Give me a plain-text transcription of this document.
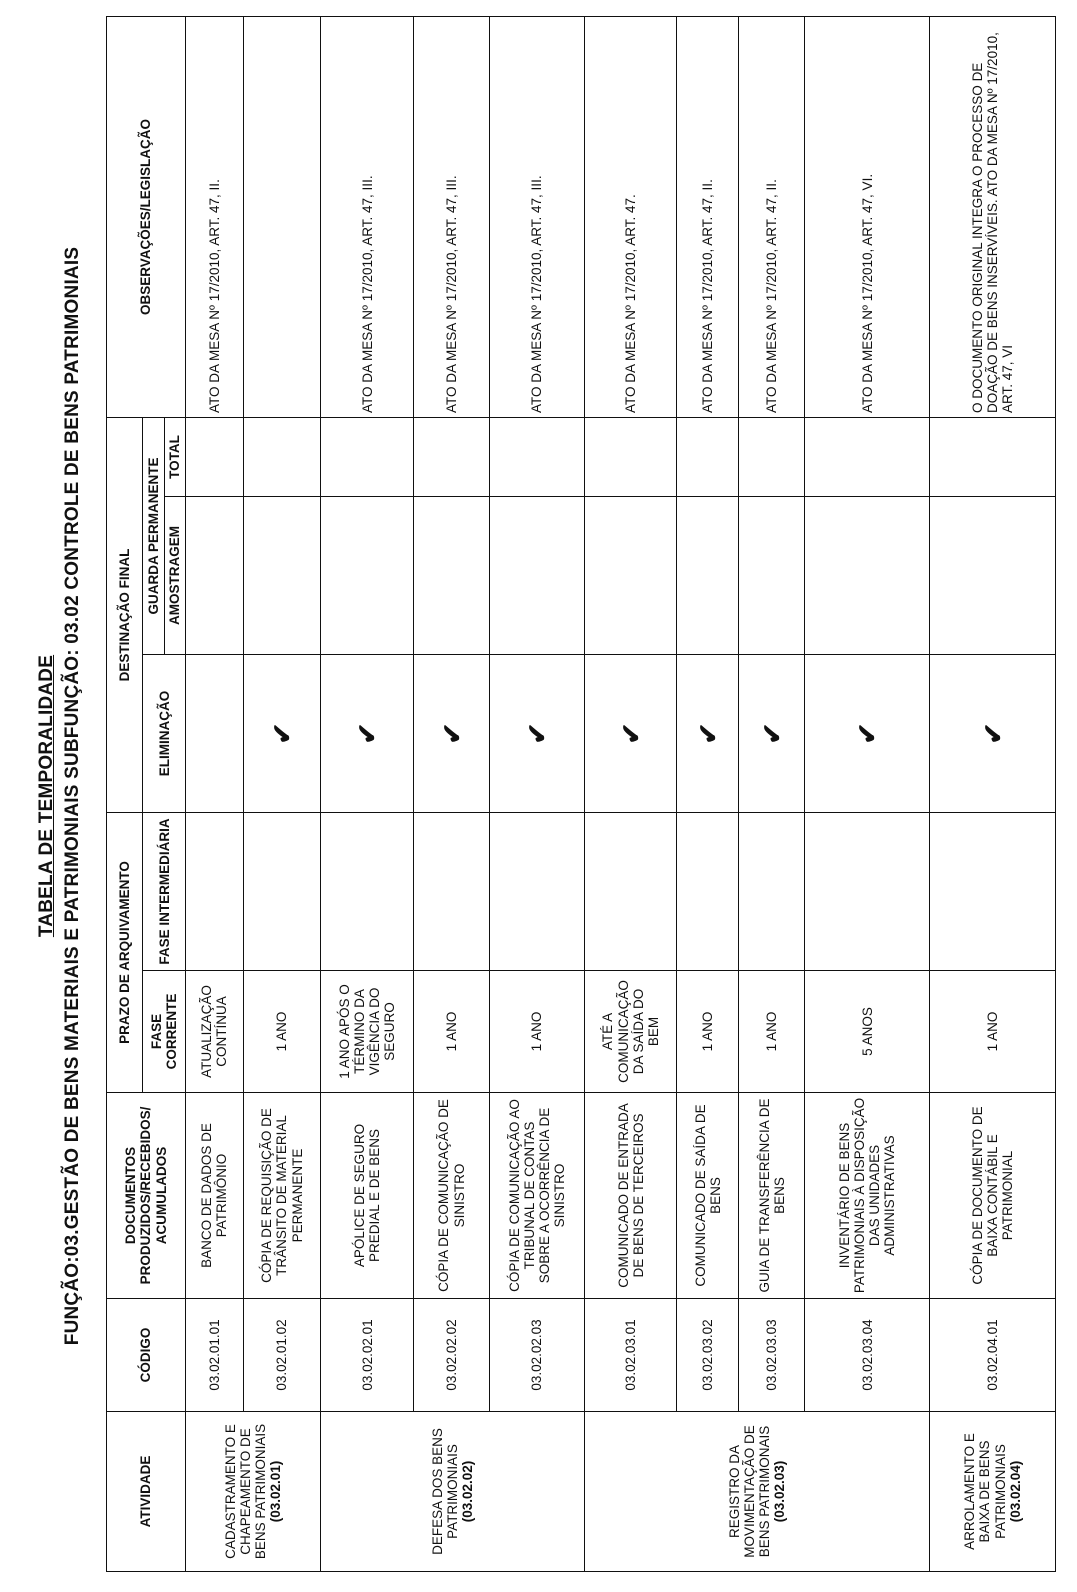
TABELA DE TEMPORALIDADE FUNÇÃO:03.GESTÃO DE BENS MATERIAIS E PATRIMONIAIS SUBFUNÇÃO: 03.02 CONTROLE DE BENS PATRIMONIAIS
ATIVIDADE	CÓDIGO	DOCUMENTOS PRODUZIDOS/RECEBIDOS/ ACUMULADOS	PRAZO DE ARQUIVAMENTO		DESTINAÇÃO FINAL			OBSERVAÇÕES/LEGISLAÇÃO
			FASE CORRENTE	FASE INTERMEDIÁRIA	ELIMINAÇÃO	GUARDA PERMANENTE		
						AMOSTRAGEM	TOTAL	
CADASTRAMENTO E CHAPEAMENTO DE BENS PATRIMONIAIS (03.02.01)	03.02.01.01	BANCO DE DADOS DE PATRIMÔNIO	ATUALIZAÇÃO CONTÍNUA					ATO DA MESA Nº 17/2010, ART. 47, II.
	03.02.01.02	CÓPIA DE REQUISIÇÃO DE TRÂNSITO DE MATERIAL PERMANENTE	1 ANO		✔			
DEFESA DOS BENS PATRIMONIAIS (03.02.02)	03.02.02.01	APÓLICE DE SEGURO PREDIAL E DE BENS	1 ANO APÓS O TÉRMINO DA VIGÊNCIA DO SEGURO		✔			ATO DA MESA Nº 17/2010, ART. 47, III.
	03.02.02.02	CÓPIA DE COMUNICAÇÃO DE SINISTRO	1 ANO		✔			ATO DA MESA Nº 17/2010, ART. 47, III.
	03.02.02.03	CÓPIA DE COMUNICAÇÃO AO TRIBUNAL DE CONTAS SOBRE A OCORRÊNCIA DE SINISTRO	1 ANO		✔			ATO DA MESA Nº 17/2010, ART. 47, III.
REGISTRO DA MOVIMENTAÇÃO DE BENS PATRIMONAIS (03.02.03)	03.02.03.01	COMUNICADO DE ENTRADA DE BENS DE TERCEIROS	ATÉ A COMUNICAÇÃO DA SAÍDA DO BEM		✔			ATO DA MESA Nº 17/2010, ART. 47.
	03.02.03.02	COMUNICADO DE SAÍDA DE BENS	1 ANO		✔			ATO DA MESA Nº 17/2010, ART. 47, II.
	03.02.03.03	GUIA DE TRANSFERÊNCIA DE BENS	1 ANO		✔			ATO DA MESA Nº 17/2010, ART. 47, II.
	03.02.03.04	INVENTÁRIO DE BENS PATRIMONIAIS À DISPOSIÇÃO DAS UNIDADES ADMINISTRATIVAS	5 ANOS		✔			ATO DA MESA Nº 17/2010, ART. 47, VI.
ARROLAMENTO E BAIXA DE BENS PATRIMONIAIS (03.02.04)	03.02.04.01	CÓPIA DE DOCUMENTO DE BAIXA CONTÁBIL E PATRIMONIAL	1 ANO		✔			O DOCUMENTO ORIGINAL INTEGRA O PROCESSO DE DOAÇÃO DE BENS INSERVÍVEIS. ATO DA MESA Nº 17/2010, ART. 47, VI
